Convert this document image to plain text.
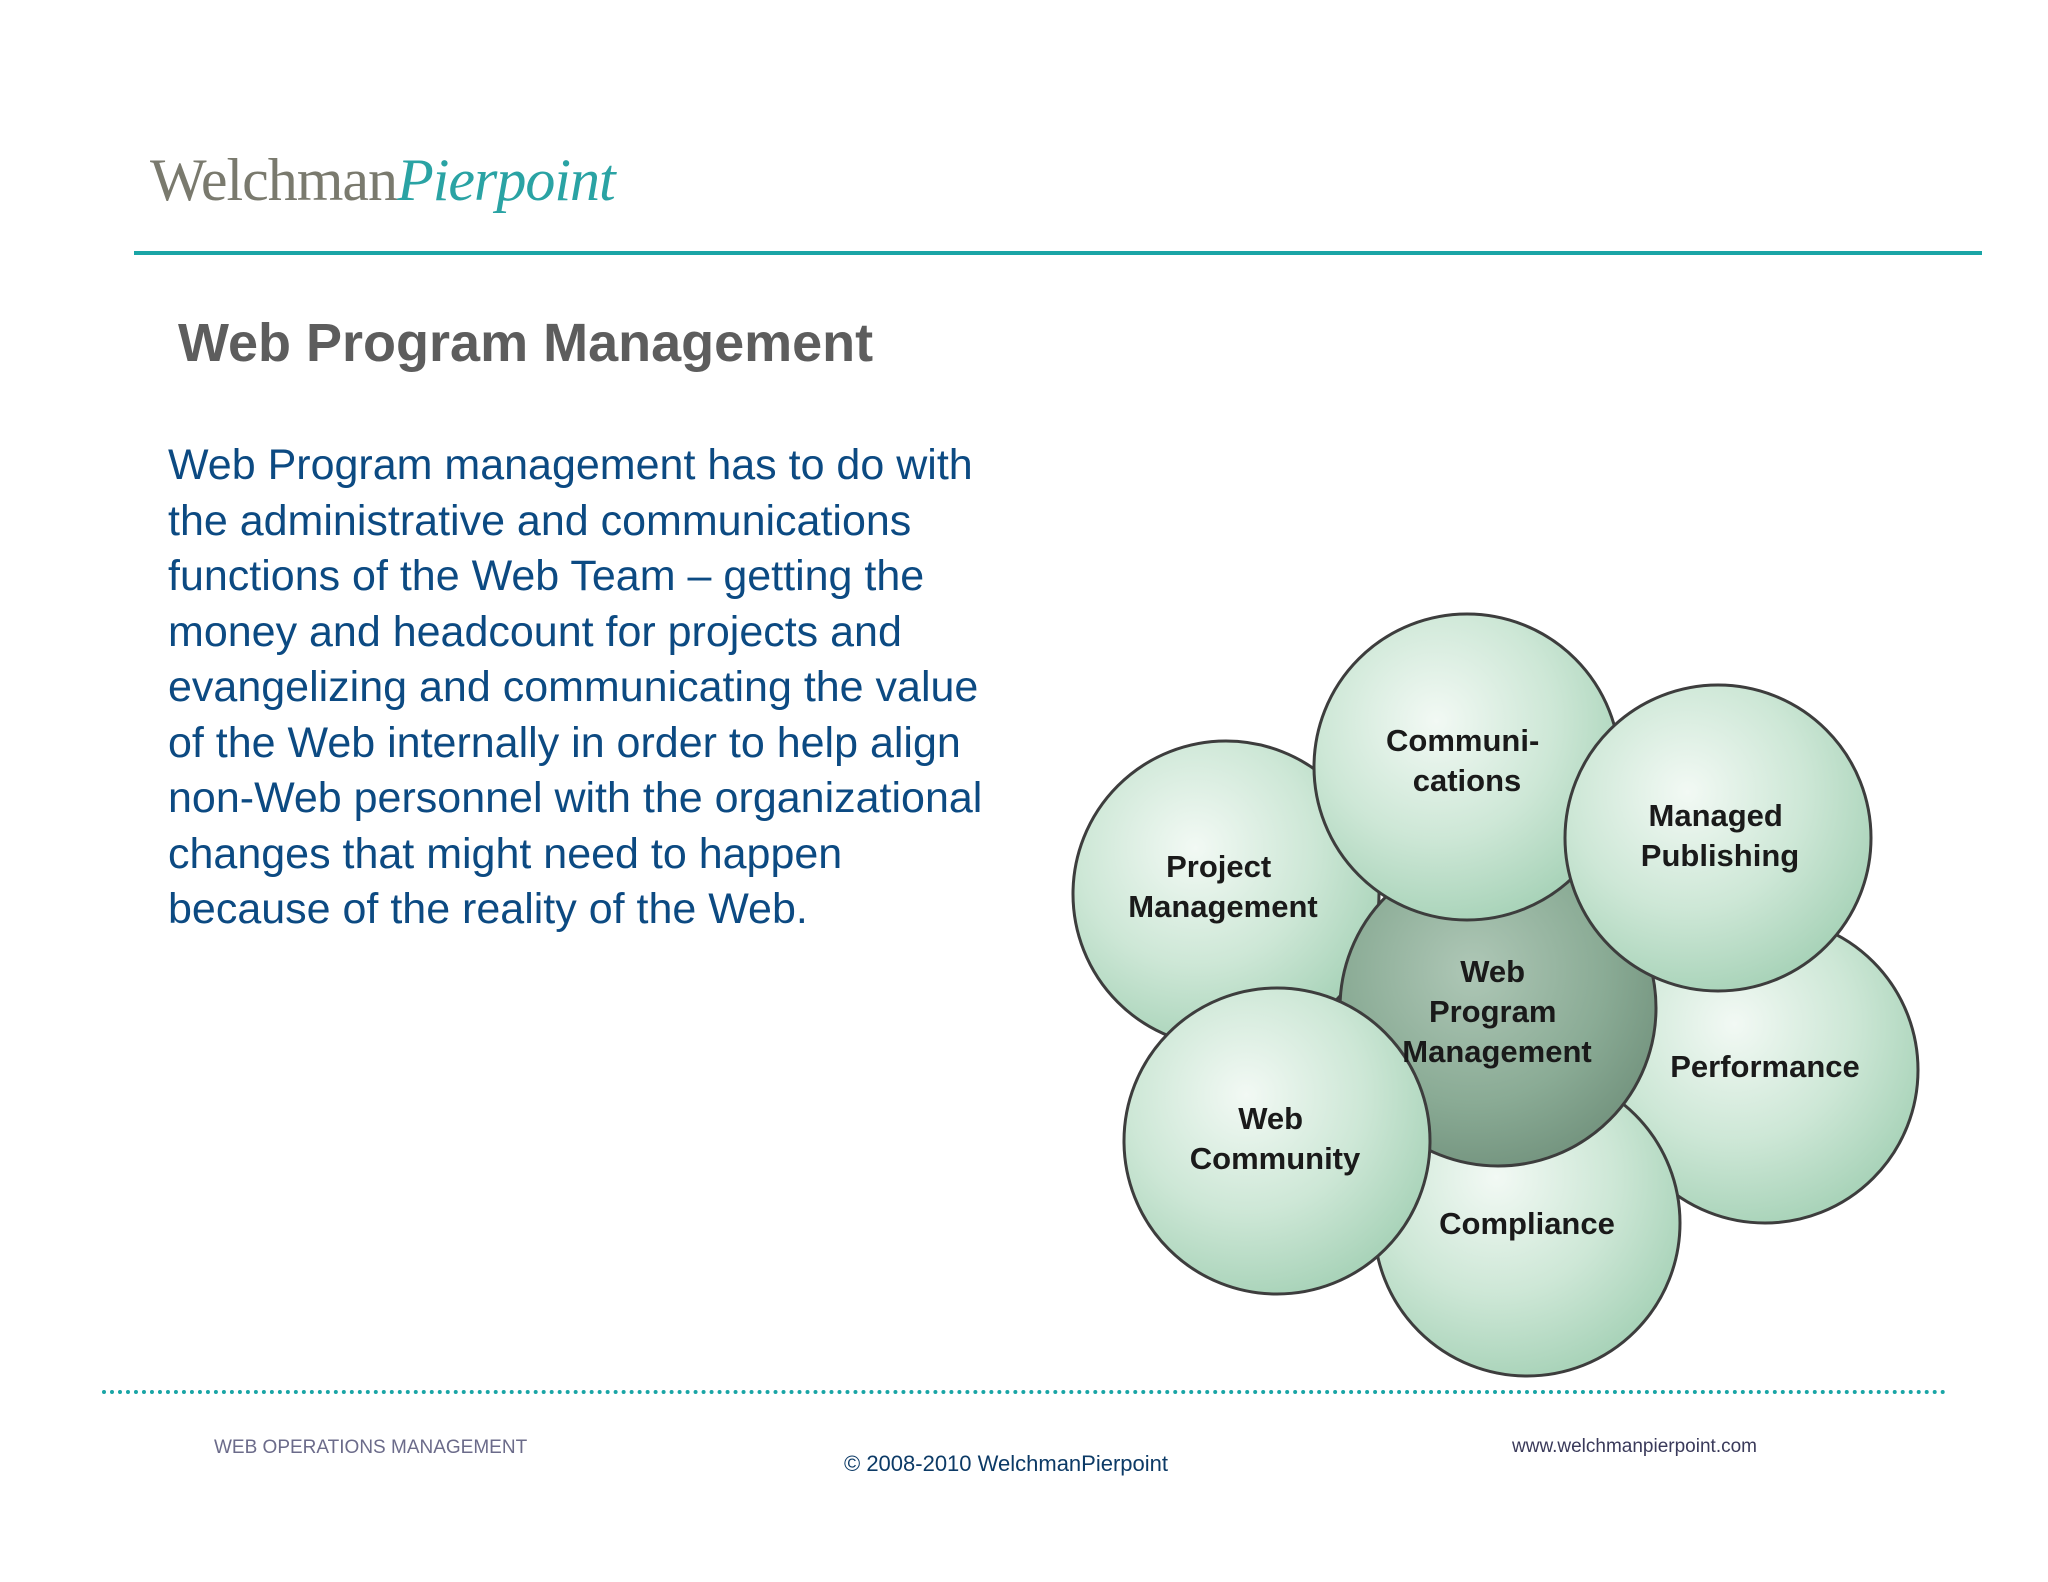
WelchmanPierpoint
Web Program Management
Web Program management has to do with
the administrative and communications
functions of the Web Team – getting the
money and headcount for projects and
evangelizing and communicating the value
of the Web internally in order to help align
non-Web personnel with the organizational
changes that might need to happen
because of the reality of the Web.
Project Management
Communi- cations
Managed Publishing
Performance
Compliance
Web Community
Web Program Management
WEB OPERATIONS MANAGEMENT
© 2008-2010 WelchmanPierpoint
www.welchmanpierpoint.com
